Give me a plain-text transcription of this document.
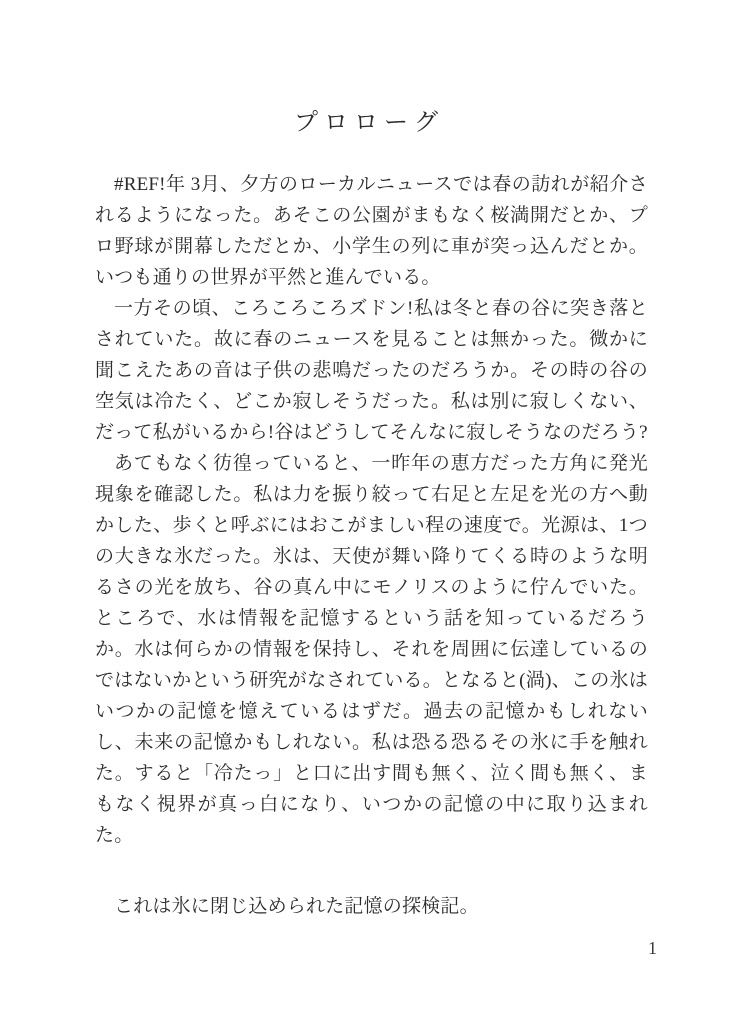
プロローグ

#REF!年 3月、夕方のローカルニュースでは春の訪れが紹介されるようになった。あそこの公園がまもなく桜満開だとか、プロ野球が開幕しただとか、小学生の列に車が突っ込んだとか。いつも通りの世界が平然と進んでいる。

一方その頃、ころころころズドン!私は冬と春の谷に突き落とされていた。故に春のニュースを見ることは無かった。微かに聞こえたあの音は子供の悲鳴だったのだろうか。その時の谷の空気は冷たく、どこか寂しそうだった。私は別に寂しくない、だって私がいるから!谷はどうしてそんなに寂しそうなのだろう?

あてもなく彷徨っていると、一昨年の恵方だった方角に発光現象を確認した。私は力を振り絞って右足と左足を光の方へ動かした、歩くと呼ぶにはおこがましい程の速度で。光源は、1つの大きな氷だった。氷は、天使が舞い降りてくる時のような明るさの光を放ち、谷の真ん中にモノリスのように佇んでいた。ところで、水は情報を記憶するという話を知っているだろうか。水は何らかの情報を保持し、それを周囲に伝達しているのではないかという研究がなされている。となると(渦)、この氷はいつかの記憶を憶えているはずだ。過去の記憶かもしれないし、未来の記憶かもしれない。私は恐る恐るその氷に手を触れた。すると「冷たっ」と口に出す間も無く、泣く間も無く、まもなく視界が真っ白になり、いつかの記憶の中に取り込まれた。

これは氷に閉じ込められた記憶の探検記。

1
